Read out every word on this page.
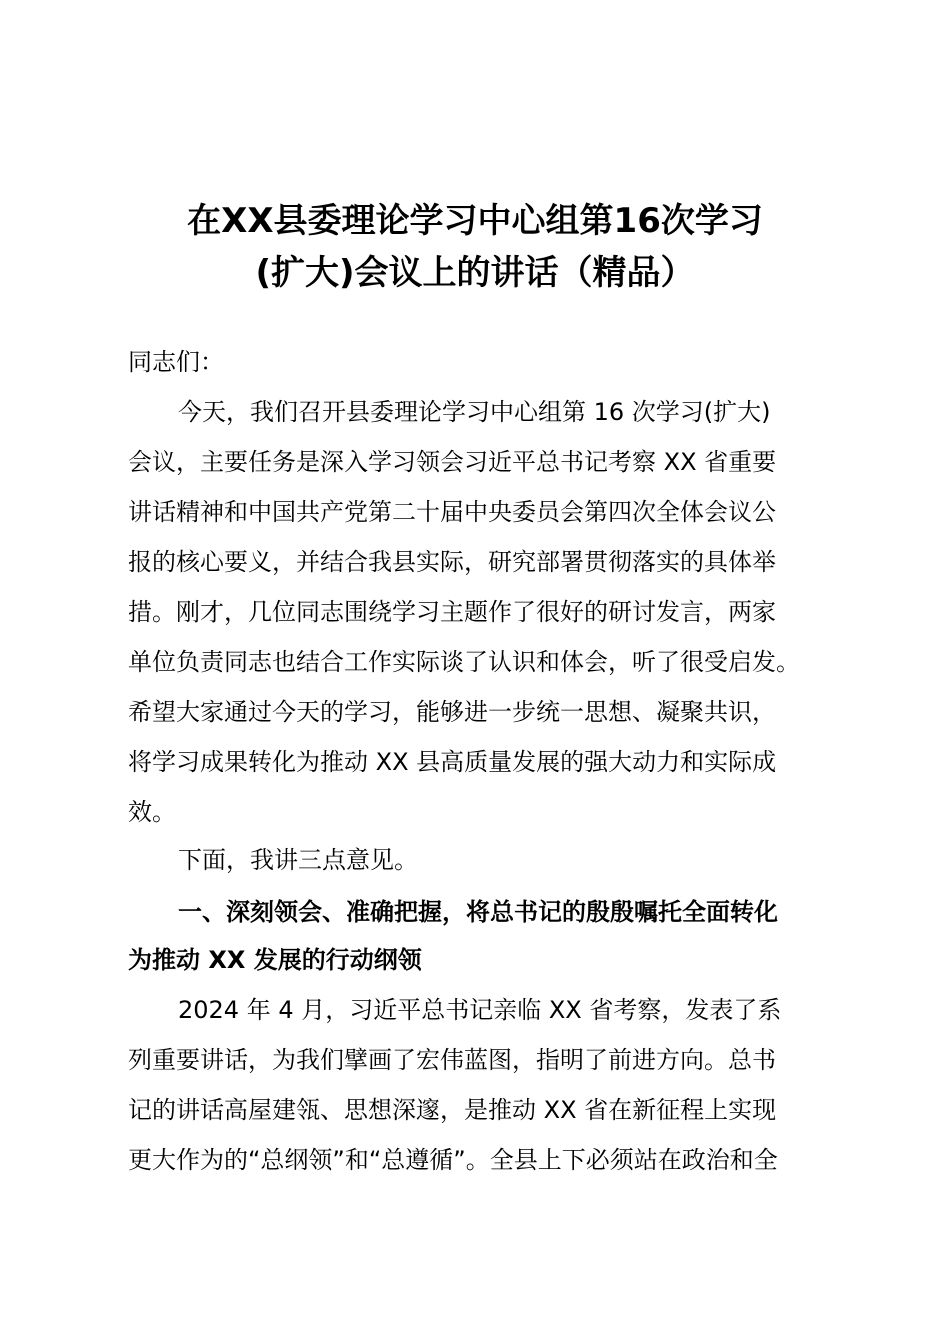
在XX县委理论学习中心组第16次学习
(扩大)会议上的讲话（精品）
同志们：
今天，我们召开县委理论学习中心组第 16 次学习(扩大)
会议，主要任务是深入学习领会习近平总书记考察 XX 省重要
讲话精神和中国共产党第二十届中央委员会第四次全体会议公
报的核心要义，并结合我县实际，研究部署贯彻落实的具体举
措。刚才，几位同志围绕学习主题作了很好的研讨发言，两家
单位负责同志也结合工作实际谈了认识和体会，听了很受启发。
希望大家通过今天的学习，能够进一步统一思想、凝聚共识，
将学习成果转化为推动 XX 县高质量发展的强大动力和实际成
效。
下面，我讲三点意见。
一、深刻领会、准确把握，将总书记的殷殷嘱托全面转化
为推动 XX 发展的行动纲领
2024 年 4 月，习近平总书记亲临 XX 省考察，发表了系
列重要讲话，为我们擘画了宏伟蓝图，指明了前进方向。总书
记的讲话高屋建瓴、思想深邃，是推动 XX 省在新征程上实现
更大作为的“总纲领”和“总遵循”。全县上下必须站在政治和全
